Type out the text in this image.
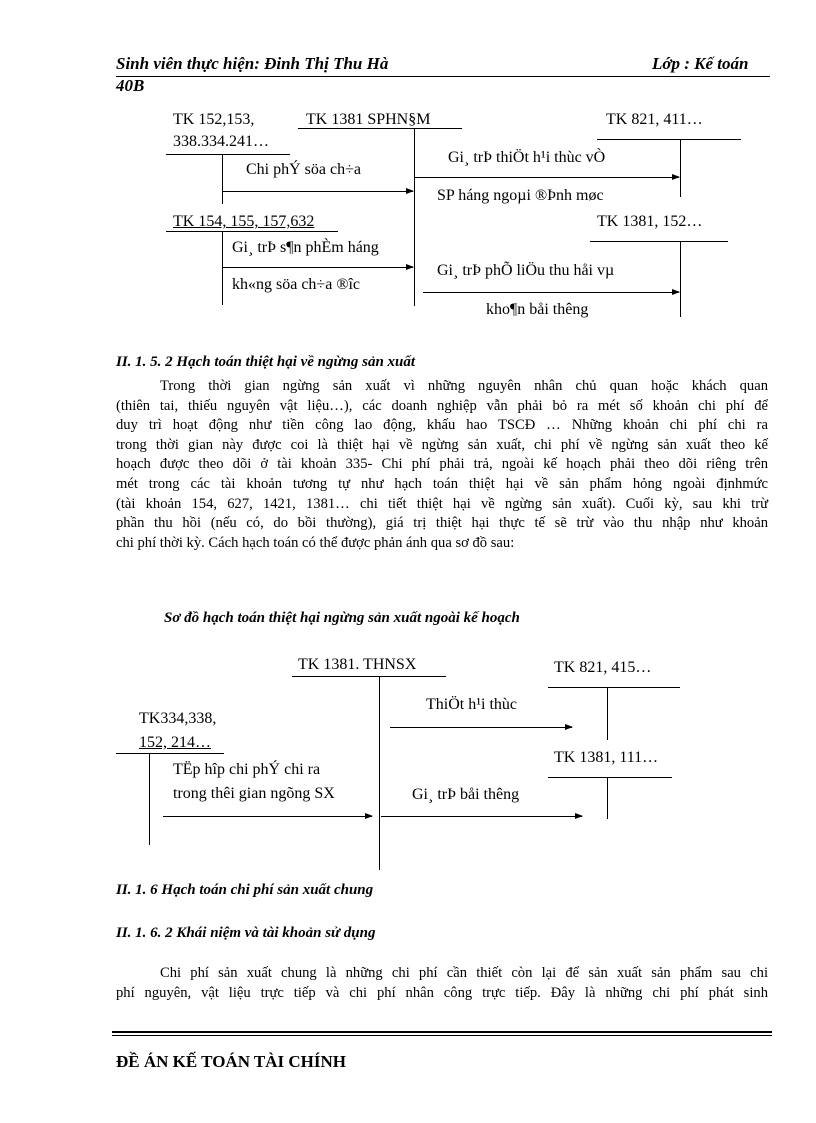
Sinh viên thực hiện: Đinh Thị Thu Hà	Lớp : Kế toán
40B
TK 152,153,
338.334.241…
TK 1381 SPHN§M	TK 821, 411…
Chi phÝ söa ch÷a
Gi¸ trÞ thiÖt h¹i thùc vÒ
SP háng ngoµi ®Þnh møc
TK 154, 155, 157,632	TK 1381, 152…
Gi¸ trÞ s¶n phÈm háng
kh«ng söa ch÷a ®îc
Gi¸ trÞ phÕ liÖu thu håi vµ
kho¶n båi thêng
II. 1. 5. 2 Hạch toán thiệt hại về ngừng sản xuất
Trong thời gian ngừng sản xuất vì những nguyên nhân chủ quan hoặc khách quan
(thiên tai, thiếu nguyên vật liệu…), các doanh nghiệp vẫn phải bỏ ra mét số khoản chi phí để
duy trì hoạt động như tiền công lao động, khấu hao TSCĐ … Những khoản chi phí chi ra
trong thời gian này được coi là thiệt hại về ngừng sản xuất, chi phí về ngừng sản xuất theo kế
hoạch được theo dõi ở tài khoản 335- Chi phí phải trả, ngoài kế hoạch phải theo dõi riêng trên
mét trong các tài khoản tương tự như hạch toán thiệt hại về sản phẩm hỏng ngoài địnhmức
(tài khoản 154, 627, 1421, 1381… chi tiết thiệt hại về ngừng sản xuất). Cuối kỳ, sau khi trừ
phần thu hồi (nếu có, do bồi thường), giá trị thiệt hại thực tế sẽ trừ vào thu nhập như khoản
chi phí thời kỳ. Cách hạch toán có thể được phản ánh qua sơ đồ sau:
Sơ đồ hạch toán thiệt hại ngừng sản xuất ngoài kế hoạch
TK 1381. THNSX	TK 821, 415…
ThiÖt h¹i thùc
TK334,338,
152, 214…
TK 1381, 111…
TËp hîp chi phÝ chi ra
trong thêi gian ngõng SX	Gi¸ trÞ båi thêng
II. 1. 6 Hạch toán chi phí sản xuất chung
II. 1. 6. 2 Khái niệm và tài khoản sử dụng
Chi phí sản xuất chung là những chi phí cần thiết còn lại để sản xuất sản phẩm sau chi
phí nguyên, vật liệu trực tiếp và chi phí nhân công trực tiếp. Đây là những chi phí phát sinh
ĐỀ ÁN KẾ TOÁN TÀI CHÍNH
